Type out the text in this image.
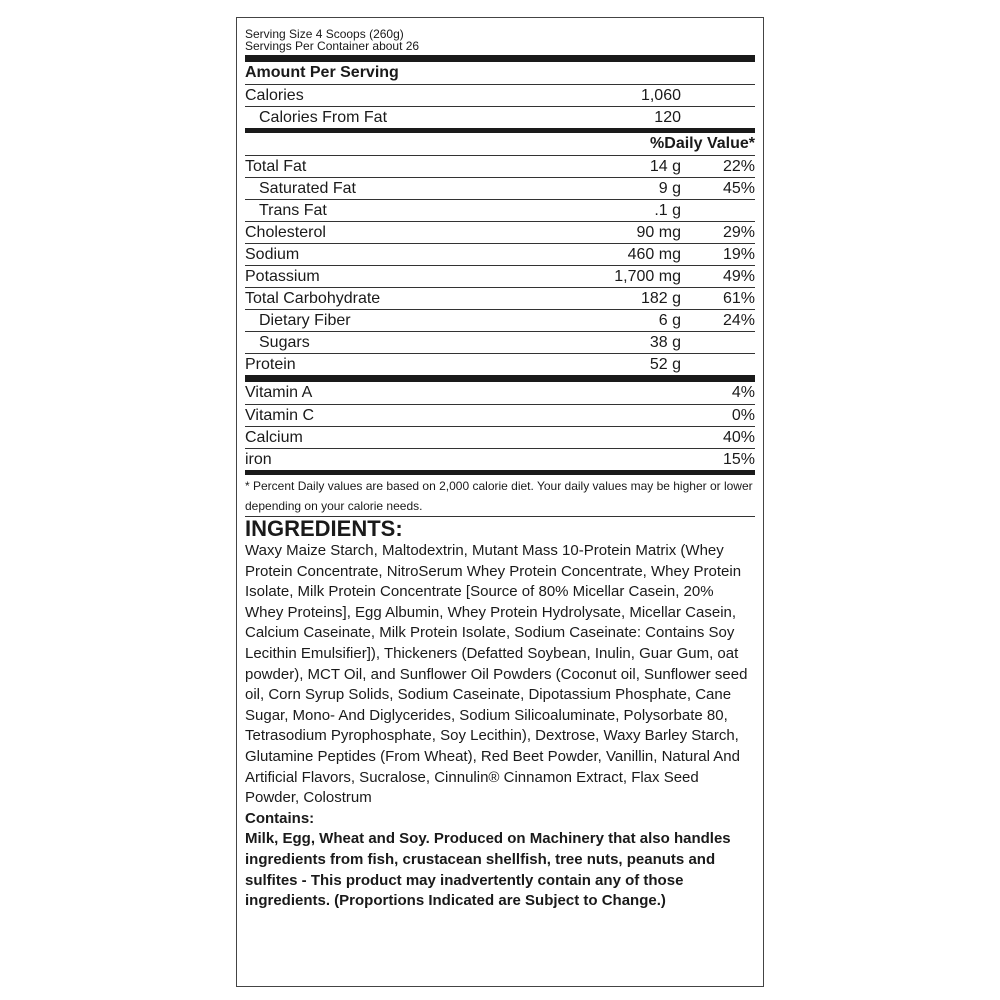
Serving Size 4 Scoops (260g)
Servings Per Container about 26
Amount Per Serving
Calories	1,060
Calories From Fat	120
%Daily Value*
Total Fat	14 g	22%
Saturated Fat	9 g	45%
Trans Fat	.1 g
Cholesterol	90 mg	29%
Sodium	460 mg	19%
Potassium	1,700 mg	49%
Total Carbohydrate	182 g	61%
Dietary Fiber	6 g	24%
Sugars	38 g
Protein	52 g
Vitamin A	4%
Vitamin C	0%
Calcium	40%
iron	15%
* Percent Daily values are based on 2,000 calorie diet. Your daily values may be higher or lower depending on your calorie needs.
INGREDIENTS:
Waxy Maize Starch, Maltodextrin, Mutant Mass 10-Protein Matrix (Whey Protein Concentrate, NitroSerum Whey Protein Concentrate, Whey Protein Isolate, Milk Protein Concentrate [Source of 80% Micellar Casein, 20% Whey Proteins], Egg Albumin, Whey Protein Hydrolysate, Micellar Casein, Calcium Caseinate, Milk Protein Isolate, Sodium Caseinate: Contains Soy Lecithin Emulsifier]), Thickeners (Defatted Soybean, Inulin, Guar Gum, oat powder), MCT Oil, and Sunflower Oil Powders (Coconut oil, Sunflower seed oil, Corn Syrup Solids, Sodium Caseinate, Dipotassium Phosphate, Cane Sugar, Mono- And Diglycerides, Sodium Silicoaluminate, Polysorbate 80, Tetrasodium Pyrophosphate, Soy Lecithin), Dextrose, Waxy Barley Starch, Glutamine Peptides (From Wheat), Red Beet Powder, Vanillin, Natural And Artificial Flavors, Sucralose, Cinnulin® Cinnamon Extract, Flax Seed Powder, Colostrum
Contains:
Milk, Egg, Wheat and Soy. Produced on Machinery that also handles ingredients from fish, crustacean shellfish, tree nuts, peanuts and sulfites - This product may inadvertently contain any of those ingredients. (Proportions Indicated are Subject to Change.)
